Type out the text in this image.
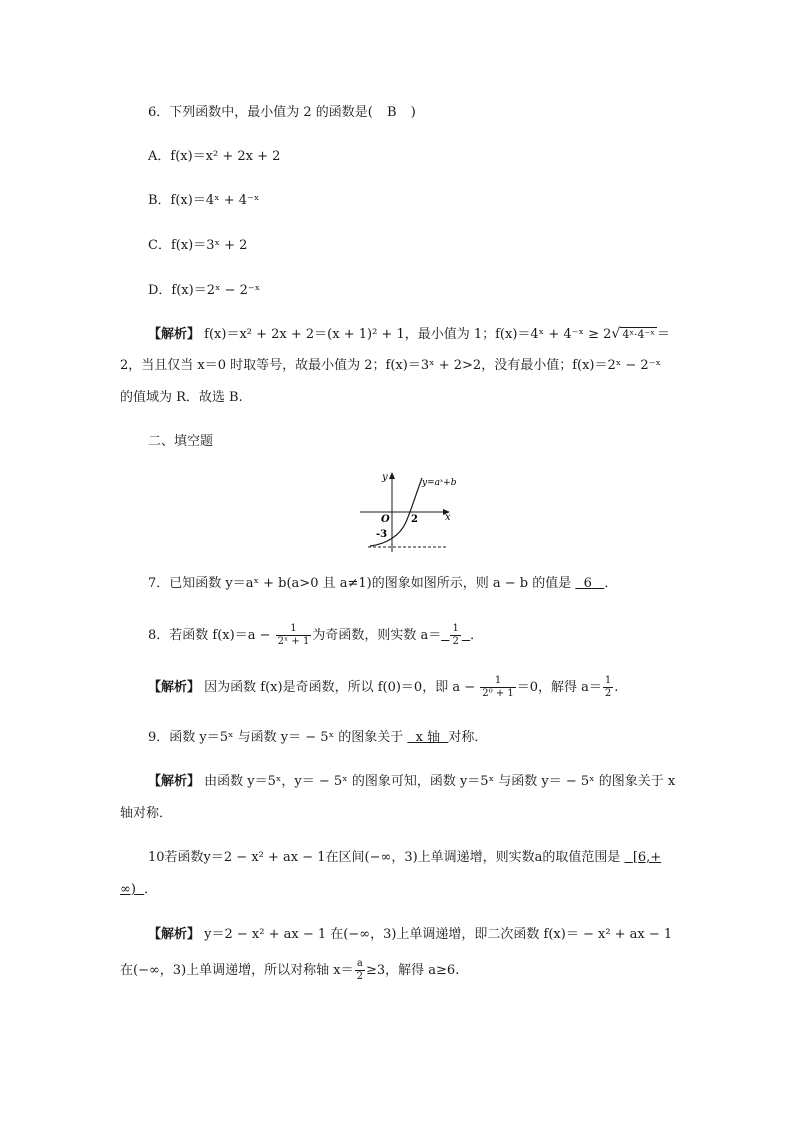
6．下列函数中，最小值为 2 的函数是( B )
A．f(x)＝x² + 2x + 2
B．f(x)＝4ˣ + 4⁻ˣ
C．f(x)＝3ˣ + 2
D．f(x)＝2ˣ − 2⁻ˣ
【解析】 f(x)＝x² + 2x + 2＝(x + 1)² + 1，最小值为 1；f(x)＝4ˣ + 4⁻ˣ ≥ 2√ 4ˣ·4⁻ˣ ＝
2，当且仅当 x＝0 时取等号，故最小值为 2；f(x)＝3ˣ + 2>2，没有最小值；f(x)＝2ˣ − 2⁻ˣ
的值域为 R．故选 B.
二、填空题
y
x
O 2
-3
y=aˣ+b
7．已知函数 y＝aˣ + b(a>0 且 a≠1)的图象如图所示，则 a − b 的值是 6 ．
8．若函数 $f(x)=a - \frac{1}{\text{2ˣ + 1}}$ 为奇函数，则实数 $a= \frac{1}{2}$ ．
【解析】 因为函数 f(x)是奇函数，所以 f(0)＝0，即 $a - \frac{1}{\text{2⁰ + 1}} =0$，解得 $a= \frac{1}{2}$ .
9．函数 y＝5ˣ 与函数 y＝ − 5ˣ 的图象关于 x 轴 对称．
【解析】 由函数 y＝5ˣ，y＝ − 5ˣ 的图象可知，函数 y＝5ˣ 与函数 y＝ − 5ˣ 的图象关于 x
轴对称．
10若函数y＝2 − x² + ax − 1在区间(−∞，3)上单调递增，则实数a的取值范围是 [6,+
∞) ．
【解析】 y＝2 − x² + ax − 1 在(−∞，3)上单调递增，即二次函数 f(x)＝ − x² + ax − 1
在(−∞，3)上单调递增，所以对称轴 $x= \frac{a}{2} \ge 3$，解得 a≥6.
